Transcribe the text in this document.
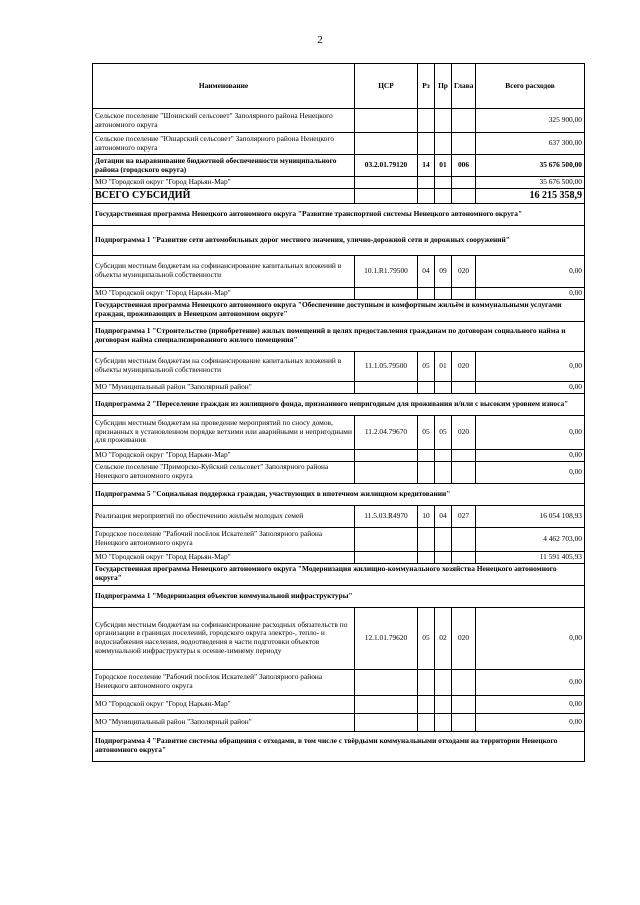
2
Наименование	ЦСР	Рз	Пр	Глава	Всего расходов
Сельское поселение "Шоинский сельсовет" Заполярного района Ненецкого автономного округа					325 900,00
Сельское поселение "Юшарский сельсовет" Заполярного района Ненецкого автономного округа					637 300,00
Дотации на выравнивание бюджетной обеспеченности муниципального района (городского округа)	03.2.01.79120	14	01	006	35 676 500,00
МО "Городской округ "Город Нарьян-Мар"					35 676 500,00
ВСЕГО СУБСИДИЙ					16 215 358,9
Государственная программа Ненецкого автономного округа "Развитие транспортной системы Ненецкого автономного округа"					
Подпрограмма 1 "Развитие сети автомобильных дорог местного значения, улично-дорожной сети и дорожных сооружений"					
Субсидии местным бюджетам на софинансирование капитальных вложений в объекты муниципальной собственности	10.1.R1.79500	04	09	020	0,00
МО "Городской округ "Город Нарьян-Мар"					0,00
Государственная программа Ненецкого автономного округа "Обеспечение доступным и комфортным жильём и коммунальными услугами граждан, проживающих в Ненецком автономном округе"					
Подпрограмма 1 "Строительство (приобретение) жилых помещений в целях предоставления гражданам по договорам социального найма и договорам найма специализированного жилого помещения"					
Субсидии местным бюджетам на софинансирование капитальных вложений в объекты муниципальной собственности	11.1.05.79500	05	01	020	0,00
МО "Муниципальный район "Заполярный район"					0,00
Подпрограмма 2 "Переселение граждан из жилищного фонда, признанного непригодным для проживания и/или с высоким уровнем износа"					
Субсидии местным бюджетам на проведение мероприятий по сносу домов, признанных в установленном порядке ветхими или аварийными и непригодными для проживания	11.2.04.79670	05	05	020	0,00
МО "Городской округ "Город Нарьян-Мар"					0,00
Сельское поселение "Приморско-Куйский сельсовет" Заполярного района Ненецкого автономного округа					0,00
Подпрограмма 5 "Социальная поддержка граждан, участвующих в ипотечном жилищном кредитовании"					
Реализация мероприятий по обеспечению жильём молодых семей	11.5.03.R4970	10	04	027	16 054 108,93
Городское поселение "Рабочий посёлок Искателей" Заполярного района Ненецкого автономного округа					4 462 703,00
МО "Городской округ "Город Нарьян-Мар"					11 591 405,93
Государственная программа Ненецкого автономного округа "Модернизация жилищно-коммунального хозяйства Ненецкого автономного округа"					
Подпрограмма 1 "Модернизация объектов коммунальной инфраструктуры"					
Субсидии местным бюджетам на софинансирование расходных обязательств по организации в границах поселений, городского округа электро-, тепло- и водоснабжения населения, водоотведения в части подготовки объектов коммунальной инфраструктуры к осенне-зимнему периоду	12.1.01.79620	05	02	020	0,00
Городское поселение "Рабочий посёлок Искателей" Заполярного района Ненецкого автономного округа					0,00
МО "Городской округ "Город Нарьян-Мар"					0,00
МО "Муниципальный район "Заполярный район"					0,00
Подпрограмма 4 "Развитие системы обращения с отходами, в том числе с твёрдыми коммунальными отходами на территории Ненецкого автономного округа"					
